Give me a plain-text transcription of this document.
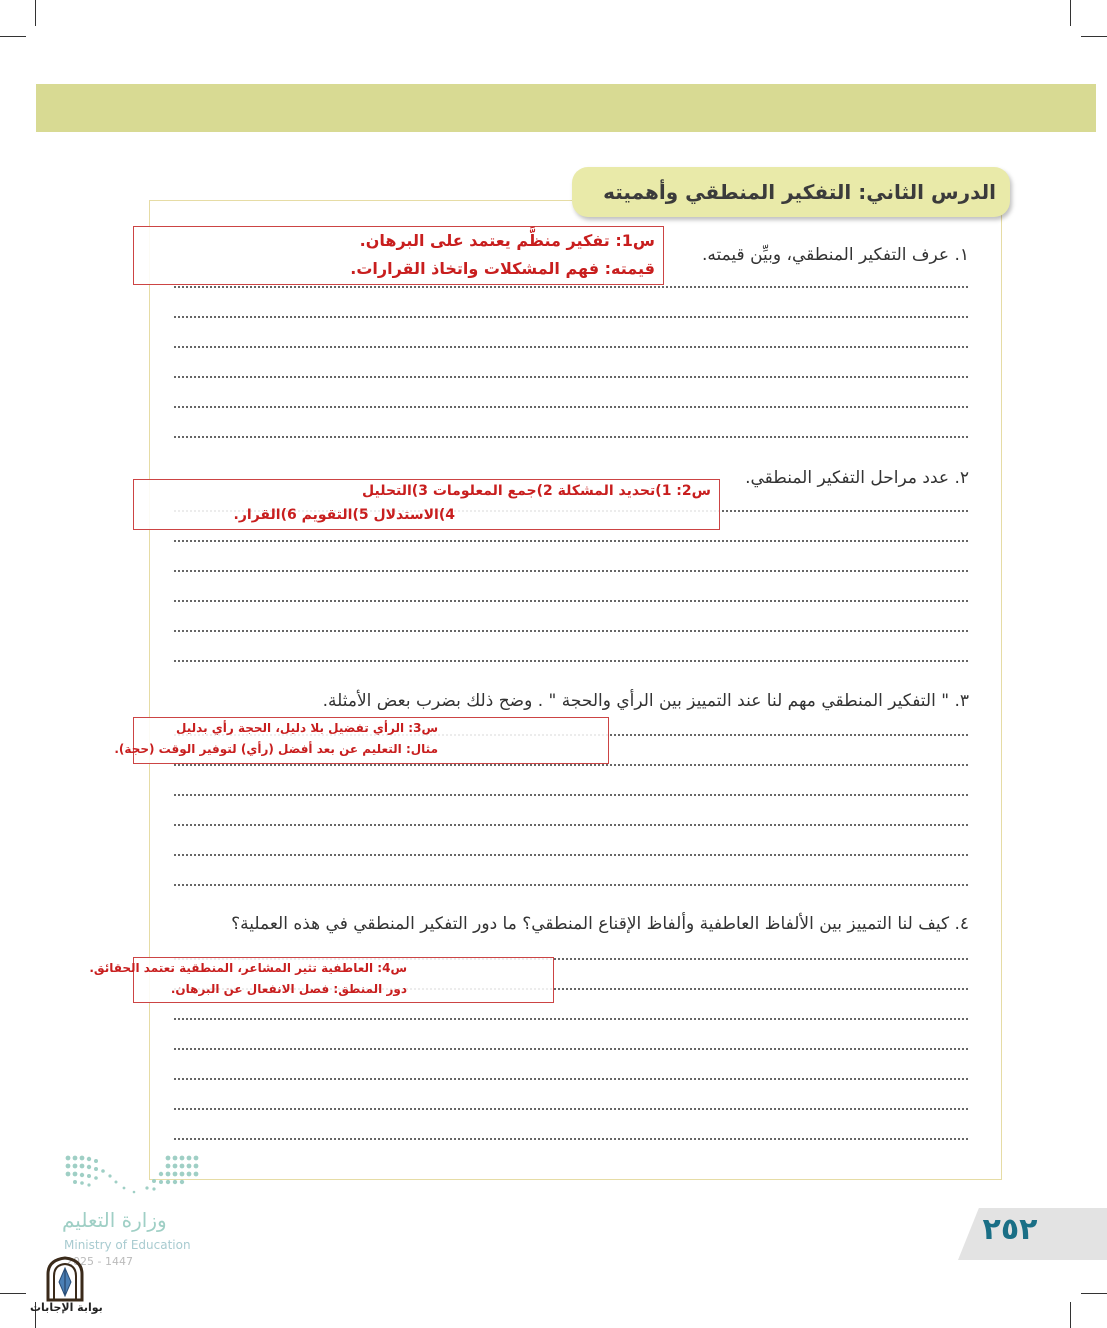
الدرس الثاني: التفكير المنطقي وأهميته
١. عرف التفكير المنطقي، وبيِّن قيمته.
٢. عدد مراحل التفكير المنطقي.
٣. " التفكير المنطقي مهم لنا عند التمييز بين الرأي والحجة " . وضح ذلك بضرب بعض الأمثلة.
٤. كيف لنا التمييز بين الألفاظ العاطفية وألفاظ الإقناع المنطقي؟ ما دور التفكير المنطقي في هذه العملية؟
س1: تفكير منظَّم يعتمد على البرهان.
قيمته: فهم المشكلات واتخاذ القرارات.
س2: 1)تحديد المشكلة 2)جمع المعلومات 3)التحليل
4)الاستدلال 5)التقويم 6)القرار.
س3: الرأي تفضيل بلا دليل، الحجة رأي بدليل
مثال: التعليم عن بعد أفضل (رأي) لتوفير الوقت (حجة).
س4: العاطفية تثير المشاعر، المنطقية تعتمد الحقائق.
دور المنطق: فصل الانفعال عن البرهان.
٢٥٢
وزارة التعليم
Ministry of Education
2025 - 1447
بوابة الإجابات
